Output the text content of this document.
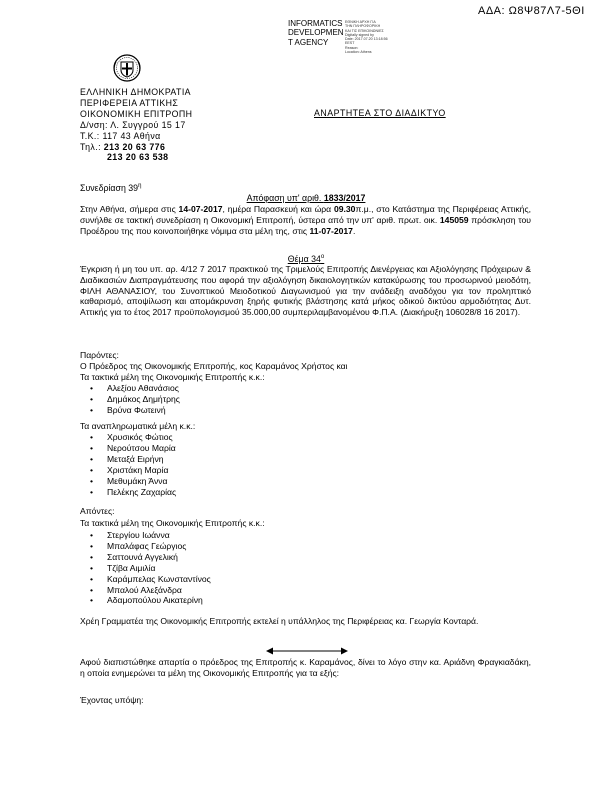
ΑΔΑ: Ω8Ψ87Λ7-5ΘΙ
INFORMATICS
DEVELOPMEN
T AGENCY
ΕΘΝΙΚΗ ΑΡΧΗ ΓΙΑ
ΤΗΝ ΠΛΗΡΟΦΟΡΙΚΗ
ΚΑΙ ΤΙΣ ΕΠΙΚΟΙΝΩΝΙΕΣ
Digitally signed by
Date: 2017.07.20 13:18:56
EEST
Reason:
Location: Athens
ΕΛΛΗΝΙΚΗ ΔΗΜΟΚΡΑΤΙΑ
ΠΕΡΙΦΕΡΕΙΑ ΑΤΤΙΚΗΣ
ΟΙΚΟΝΟΜΙΚΗ ΕΠΙΤΡΟΠΗ
Δ/νση: Λ. Συγγρού 15 17
Τ.Κ.: 117 43 Αθήνα
Τηλ.: 213 20 63 776
213 20 63 538
ΑΝΑΡΤΗΤΕΑ ΣΤΟ ΔΙΑΔΙΚΤΥΟ
Συνεδρίαση $39^\eta$
Απόφαση υπ' αριθ. 1833/2017
Στην Αθήνα, σήμερα στις 14-07-2017, ημέρα Παρασκευή και ώρα 09.30π.μ., στο Κατάστημα της Περιφέρειας Αττικής, συνήλθε σε τακτική συνεδρίαση η Οικονομική Επιτροπή, ύστερα από την υπ' αριθ. πρωτ. οικ. 145059 πρόσκληση του Προέδρου της που κοινοποιήθηκε νόμιμα στα μέλη της, στις 11-07-2017.
Θέμα $34^o$
Έγκριση ή μη του υπ. αρ. 4/12 7 2017 πρακτικού της Τριμελούς Επιτροπής Διενέργειας και Αξιολόγησης Πρόχειρων & Διαδικασιών Διαπραγμάτευσης που αφορά την αξιολόγηση δικαιολογητικών κατακύρωσης του προσωρινού μειοδότη, ΦΙΛΗ ΑΘΑΝΑΣΙΟΥ, του Συνοπτικού Μειοδοτικού Διαγωνισμού για την ανάδειξη αναδόχου για τον προληπτικό καθαρισμό, αποψίλωση και απομάκρυνση ξηρής φυτικής βλάστησης κατά μήκος οδικού δικτύου αρμοδιότητας Δυτ. Αττικής για το έτος 2017 προϋπολογισμού 35.000,00 συμπεριλαμβανομένου Φ.Π.Α. (Διακήρυξη 106028/8 16 2017).
Παρόντες:
Ο Πρόεδρος της Οικονομικής Επιτροπής, κος Καραμάνος Χρήστος και
Τα τακτικά μέλη της Οικονομικής Επιτροπής κ.κ.:
• Αλεξίου Αθανάσιος
• Δημάκος Δημήτρης
• Βρύνα Φωτεινή
Τα αναπληρωματικά μέλη κ.κ.:
• Χρυσικός Φώτιος
• Νερούτσου Μαρία
• Μεταξά Ειρήνη
• Χριστάκη Μαρία
• Μεθυμάκη Άννα
• Πελέκης Ζαχαρίας
Απόντες:
Τα τακτικά μέλη της Οικονομικής Επιτροπής κ.κ.:
• Στεργίου Ιωάννα
• Μπαλάφας Γεώργιος
• Σαττουνά Αγγελική
• Τζίβα Αιμιλία
• Καράμπελας Κωνσταντίνος
• Μπαλού Αλεξάνδρα
• Αδαμοπούλου Αικατερίνη
Χρέη Γραμματέα της Οικονομικής Επιτροπής εκτελεί η υπάλληλος της Περιφέρειας κα. Γεωργία Κονταρά.
Αφού διαπιστώθηκε απαρτία ο πρόεδρος της Επιτροπής κ. Καραμάνος, δίνει το λόγο στην κα. Αριάδνη Φραγκιαδάκη, η οποία ενημερώνει τα μέλη της Οικονομικής Επιτροπής για τα εξής:
Έχοντας υπόψη:
